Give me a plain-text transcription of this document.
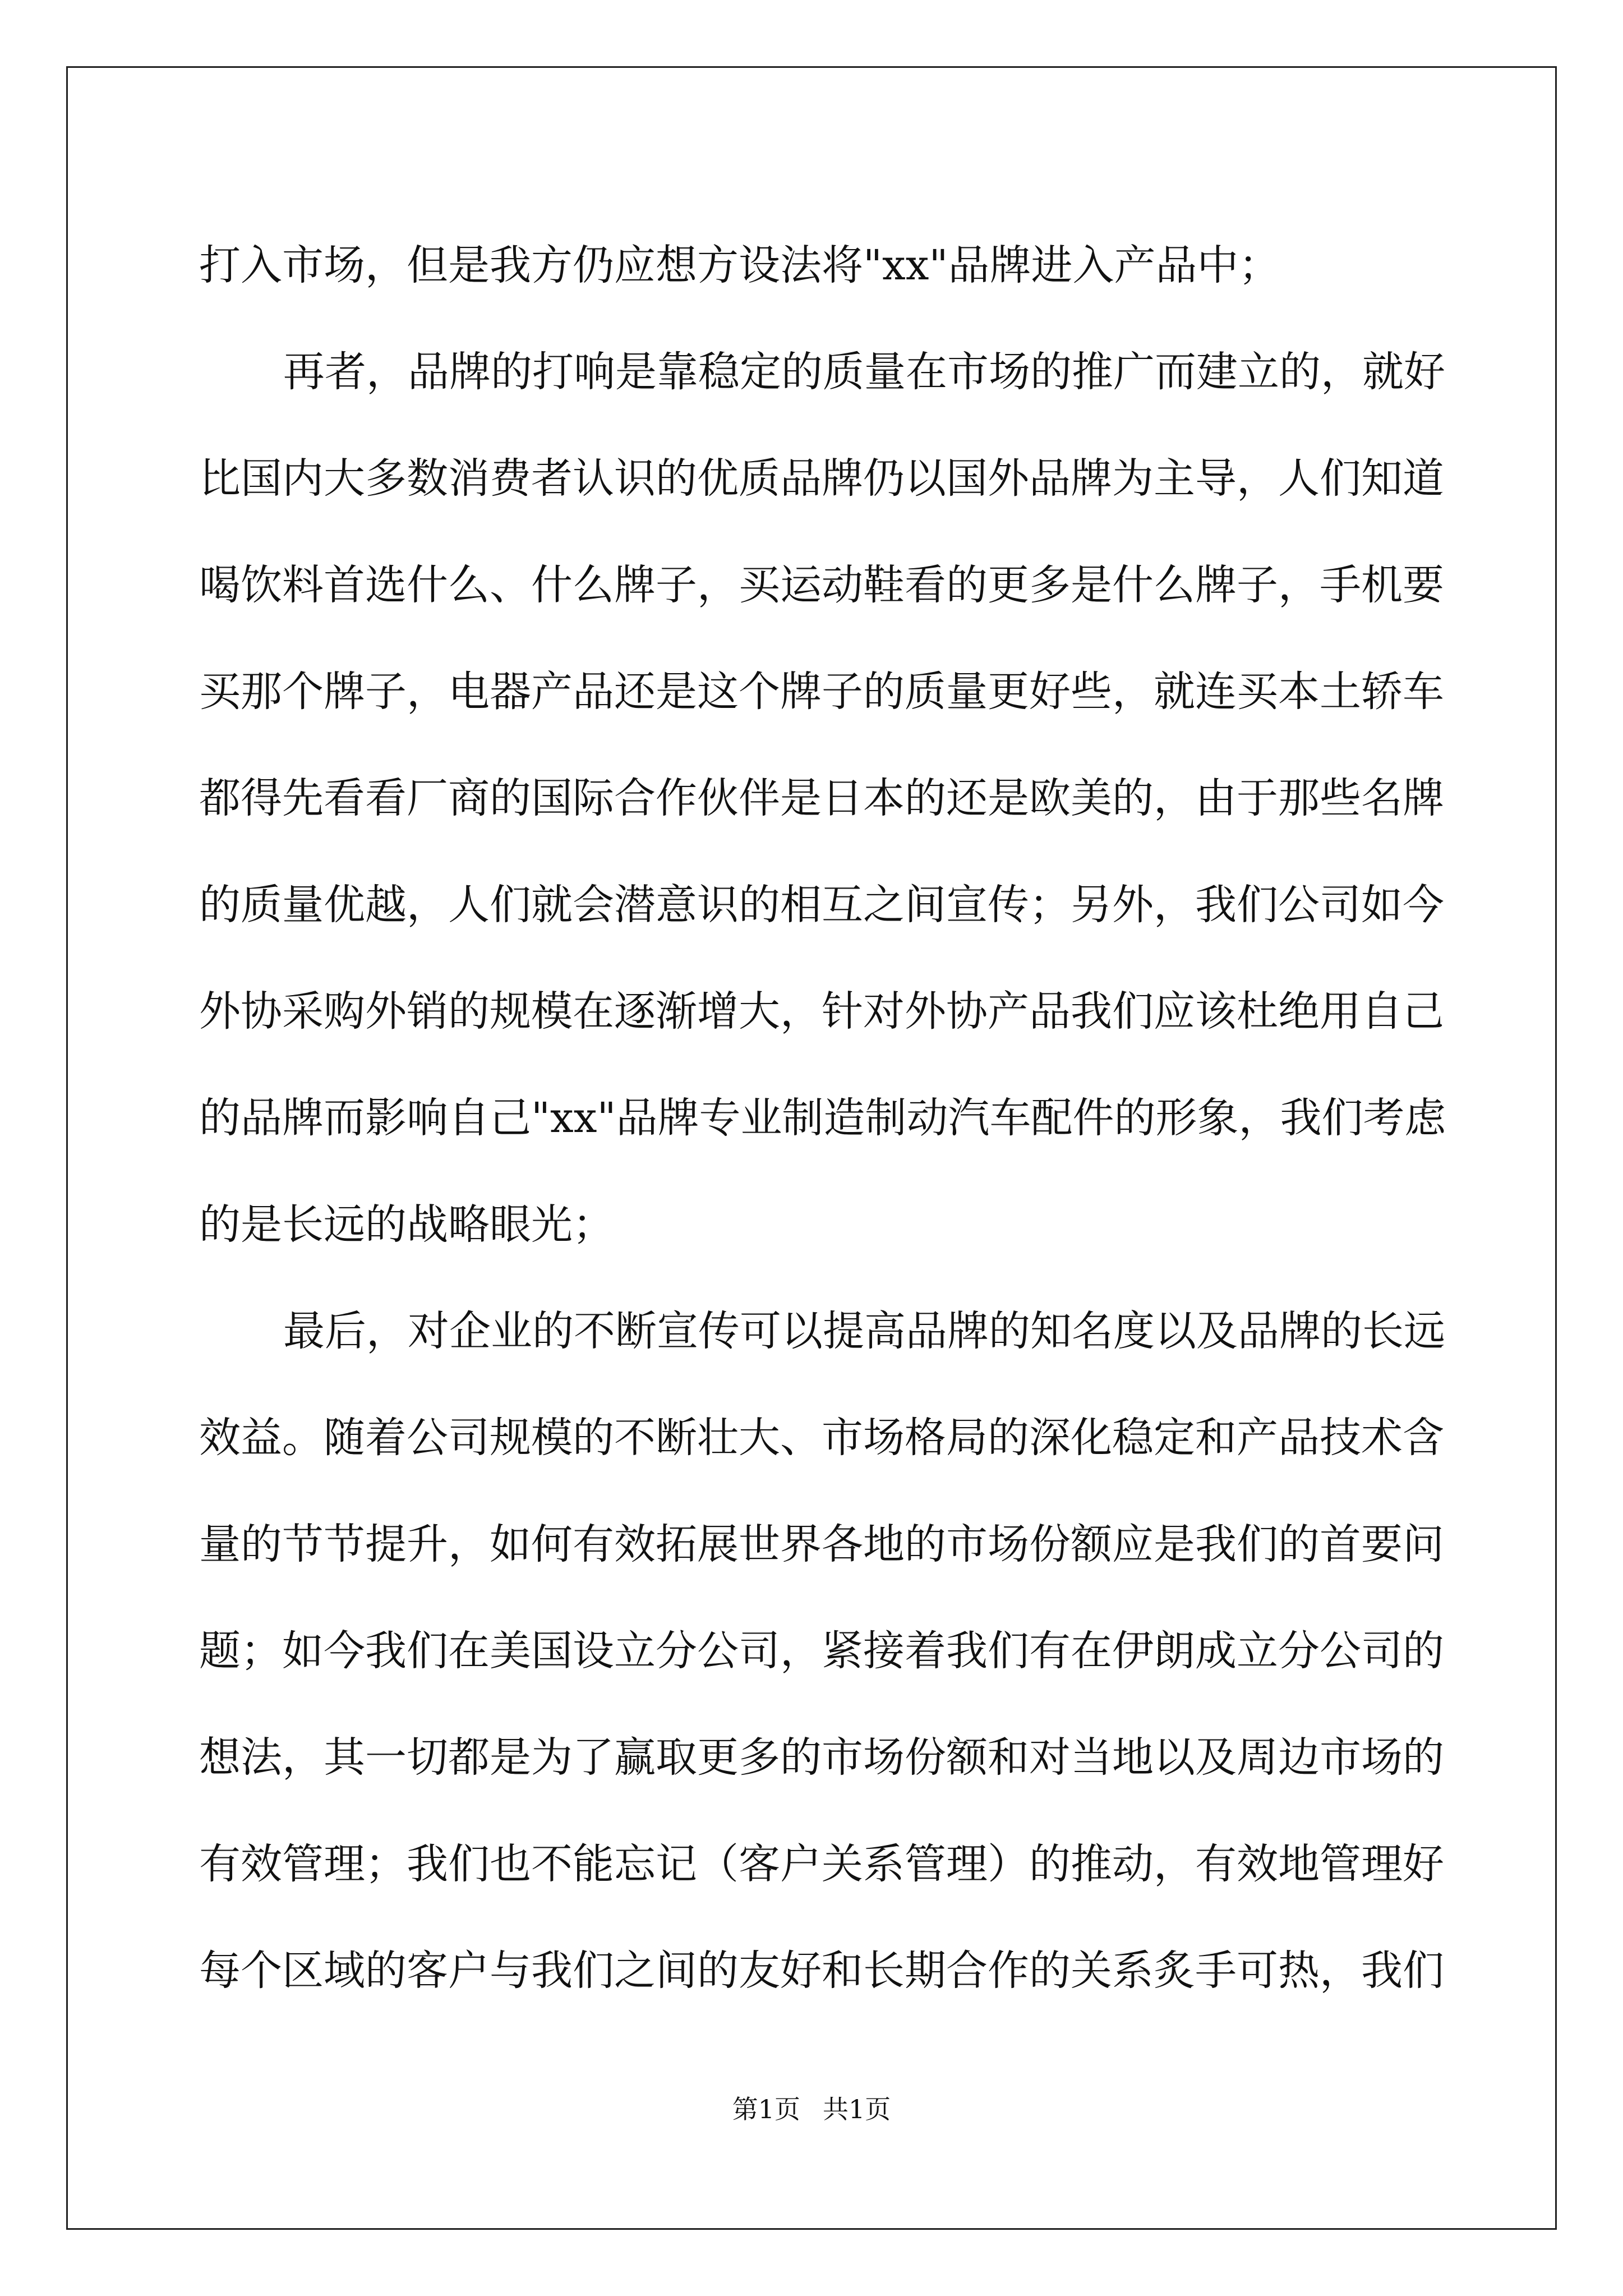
打入市场，但是我方仍应想方设法将"xx"品牌进入产品中；
再者，品牌的打响是靠稳定的质量在市场的推广而建立的，就好
比国内大多数消费者认识的优质品牌仍以国外品牌为主导，人们知道
喝饮料首选什么、什么牌子，买运动鞋看的更多是什么牌子，手机要
买那个牌子，电器产品还是这个牌子的质量更好些，就连买本土轿车
都得先看看厂商的国际合作伙伴是日本的还是欧美的，由于那些名牌
的质量优越，人们就会潜意识的相互之间宣传；另外，我们公司如今
外协采购外销的规模在逐渐增大，针对外协产品我们应该杜绝用自己
的品牌而影响自己"xx"品牌专业制造制动汽车配件的形象，我们考虑
的是长远的战略眼光；
最后，对企业的不断宣传可以提高品牌的知名度以及品牌的长远
效益。随着公司规模的不断壮大、市场格局的深化稳定和产品技术含
量的节节提升，如何有效拓展世界各地的市场份额应是我们的首要问
题；如今我们在美国设立分公司，紧接着我们有在伊朗成立分公司的
想法，其一切都是为了赢取更多的市场份额和对当地以及周边市场的
有效管理；我们也不能忘记（客户关系管理）的推动，有效地管理好
每个区域的客户与我们之间的友好和长期合作的关系炙手可热，我们
第1页 共1页
